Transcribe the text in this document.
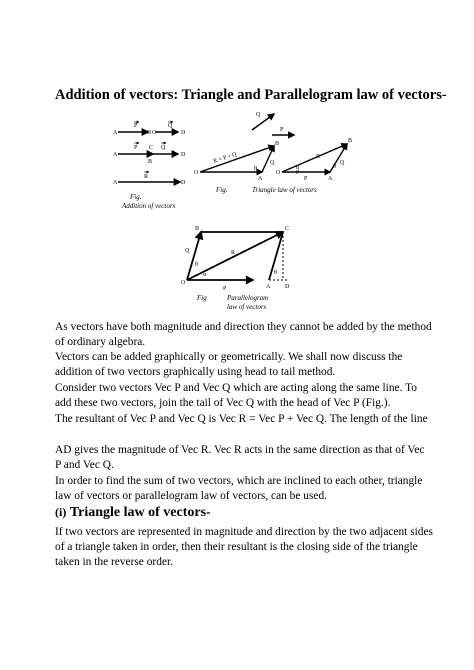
Addition of vectors: Triangle and Parallelogram law of vectors-
A
P
B C
Q
D
A
P C Q
D
B
A
R
D
Fig.
Addition of vectors
Q
P
R = P + Q	Q
O
A
B
θ
R
Q
P
O	P
A
B
θ
α
Fig.	Triangle law of vectors
O
A
B	C
D
Q	R
P
θ
α	θ
Fig	Parallelogram
law of vectors

As vectors have both magnitude and direction they cannot be added by the method of ordinary algebra.

Vectors can be added graphically or geometrically. We shall now discuss the addition of two vectors graphically using head to tail method.

Consider two vectors Vec P and Vec Q which are acting along the same line. To add these two vectors, join the tail of Vec Q with the head of Vec P (Fig.).

The resultant of Vec P and Vec Q is Vec R = Vec P + Vec Q. The length of the line

AD gives the magnitude of Vec R. Vec R acts in the same direction as that of Vec P and Vec Q.

In order to find the sum of two vectors, which are inclined to each other, triangle law of vectors or parallelogram law of vectors, can be used.

(i) Triangle law of vectors-

If two vectors are represented in magnitude and direction by the two adjacent sides of a triangle taken in order, then their resultant is the closing side of the triangle taken in the reverse order.
